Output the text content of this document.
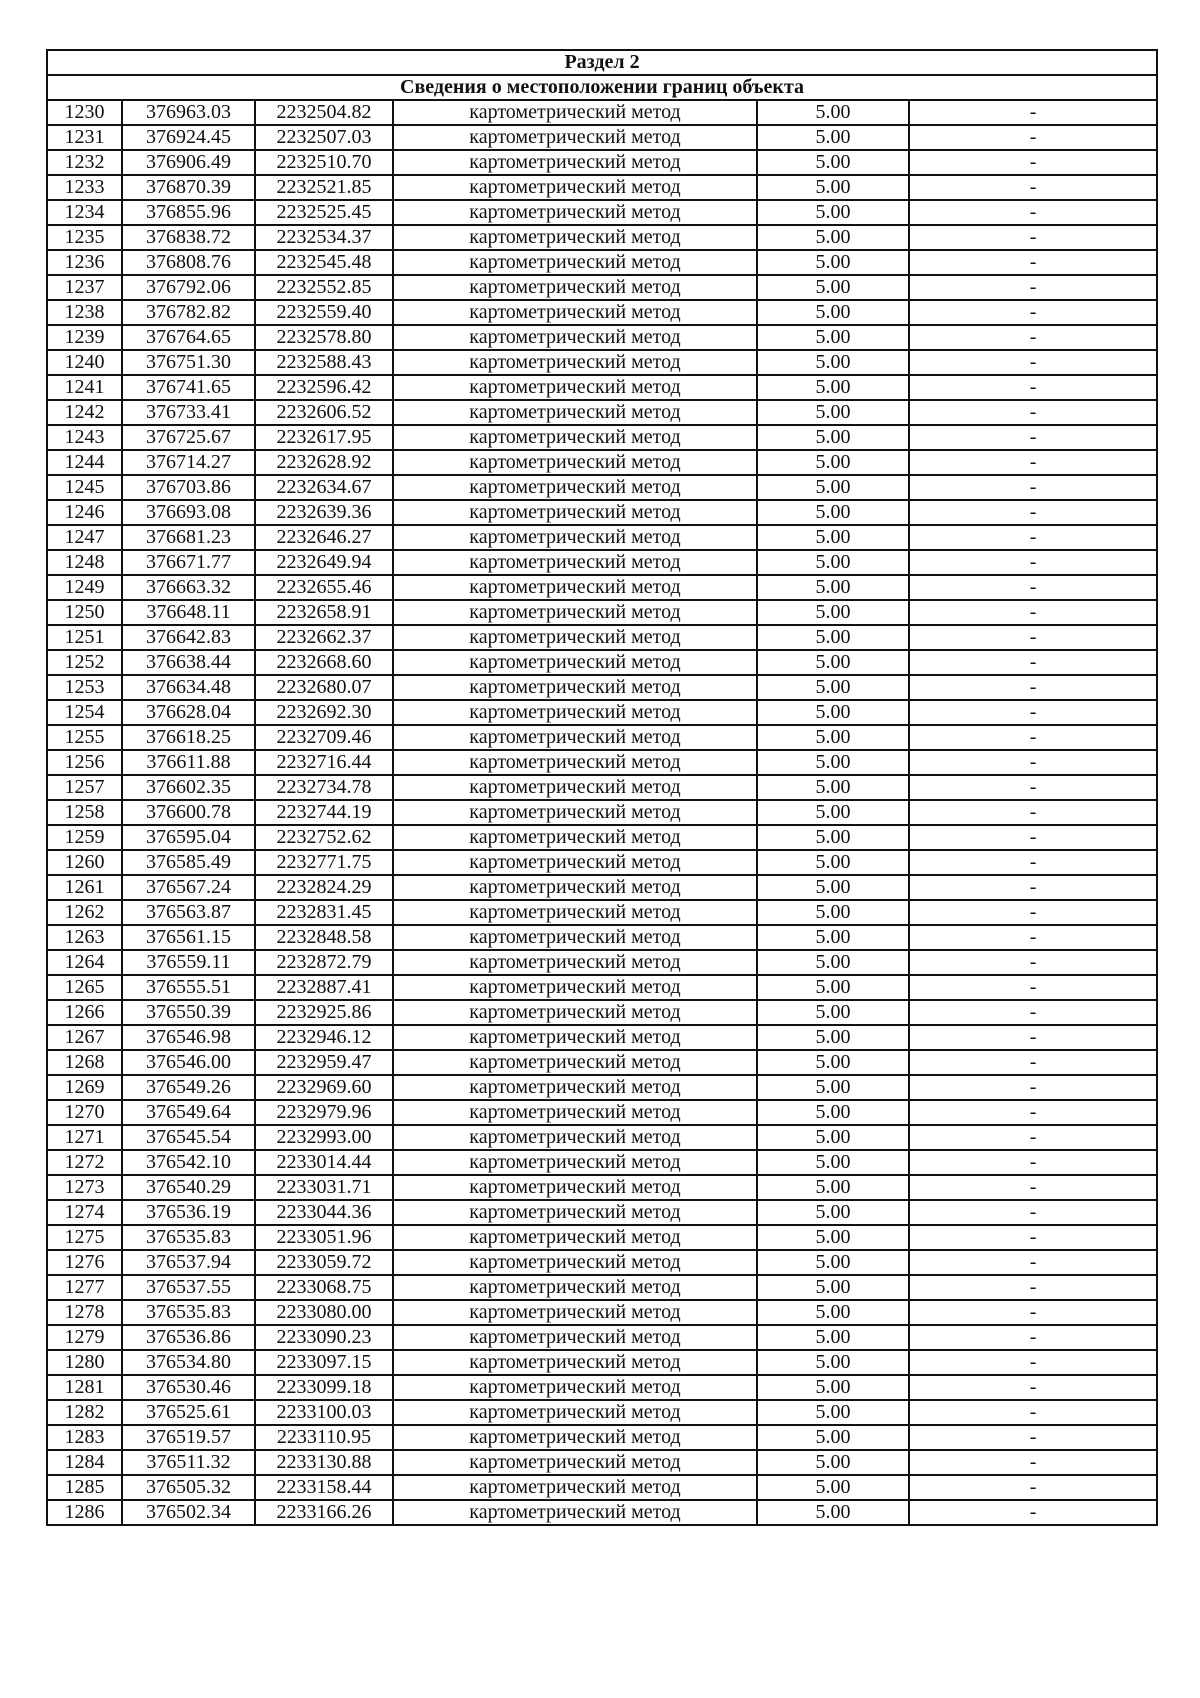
Раздел 2					
Сведения о местоположении границ объекта					
1230	376963.03	2232504.82	картометрический метод	5.00	-
1231	376924.45	2232507.03	картометрический метод	5.00	-
1232	376906.49	2232510.70	картометрический метод	5.00	-
1233	376870.39	2232521.85	картометрический метод	5.00	-
1234	376855.96	2232525.45	картометрический метод	5.00	-
1235	376838.72	2232534.37	картометрический метод	5.00	-
1236	376808.76	2232545.48	картометрический метод	5.00	-
1237	376792.06	2232552.85	картометрический метод	5.00	-
1238	376782.82	2232559.40	картометрический метод	5.00	-
1239	376764.65	2232578.80	картометрический метод	5.00	-
1240	376751.30	2232588.43	картометрический метод	5.00	-
1241	376741.65	2232596.42	картометрический метод	5.00	-
1242	376733.41	2232606.52	картометрический метод	5.00	-
1243	376725.67	2232617.95	картометрический метод	5.00	-
1244	376714.27	2232628.92	картометрический метод	5.00	-
1245	376703.86	2232634.67	картометрический метод	5.00	-
1246	376693.08	2232639.36	картометрический метод	5.00	-
1247	376681.23	2232646.27	картометрический метод	5.00	-
1248	376671.77	2232649.94	картометрический метод	5.00	-
1249	376663.32	2232655.46	картометрический метод	5.00	-
1250	376648.11	2232658.91	картометрический метод	5.00	-
1251	376642.83	2232662.37	картометрический метод	5.00	-
1252	376638.44	2232668.60	картометрический метод	5.00	-
1253	376634.48	2232680.07	картометрический метод	5.00	-
1254	376628.04	2232692.30	картометрический метод	5.00	-
1255	376618.25	2232709.46	картометрический метод	5.00	-
1256	376611.88	2232716.44	картометрический метод	5.00	-
1257	376602.35	2232734.78	картометрический метод	5.00	-
1258	376600.78	2232744.19	картометрический метод	5.00	-
1259	376595.04	2232752.62	картометрический метод	5.00	-
1260	376585.49	2232771.75	картометрический метод	5.00	-
1261	376567.24	2232824.29	картометрический метод	5.00	-
1262	376563.87	2232831.45	картометрический метод	5.00	-
1263	376561.15	2232848.58	картометрический метод	5.00	-
1264	376559.11	2232872.79	картометрический метод	5.00	-
1265	376555.51	2232887.41	картометрический метод	5.00	-
1266	376550.39	2232925.86	картометрический метод	5.00	-
1267	376546.98	2232946.12	картометрический метод	5.00	-
1268	376546.00	2232959.47	картометрический метод	5.00	-
1269	376549.26	2232969.60	картометрический метод	5.00	-
1270	376549.64	2232979.96	картометрический метод	5.00	-
1271	376545.54	2232993.00	картометрический метод	5.00	-
1272	376542.10	2233014.44	картометрический метод	5.00	-
1273	376540.29	2233031.71	картометрический метод	5.00	-
1274	376536.19	2233044.36	картометрический метод	5.00	-
1275	376535.83	2233051.96	картометрический метод	5.00	-
1276	376537.94	2233059.72	картометрический метод	5.00	-
1277	376537.55	2233068.75	картометрический метод	5.00	-
1278	376535.83	2233080.00	картометрический метод	5.00	-
1279	376536.86	2233090.23	картометрический метод	5.00	-
1280	376534.80	2233097.15	картометрический метод	5.00	-
1281	376530.46	2233099.18	картометрический метод	5.00	-
1282	376525.61	2233100.03	картометрический метод	5.00	-
1283	376519.57	2233110.95	картометрический метод	5.00	-
1284	376511.32	2233130.88	картометрический метод	5.00	-
1285	376505.32	2233158.44	картометрический метод	5.00	-
1286	376502.34	2233166.26	картометрический метод	5.00	-
